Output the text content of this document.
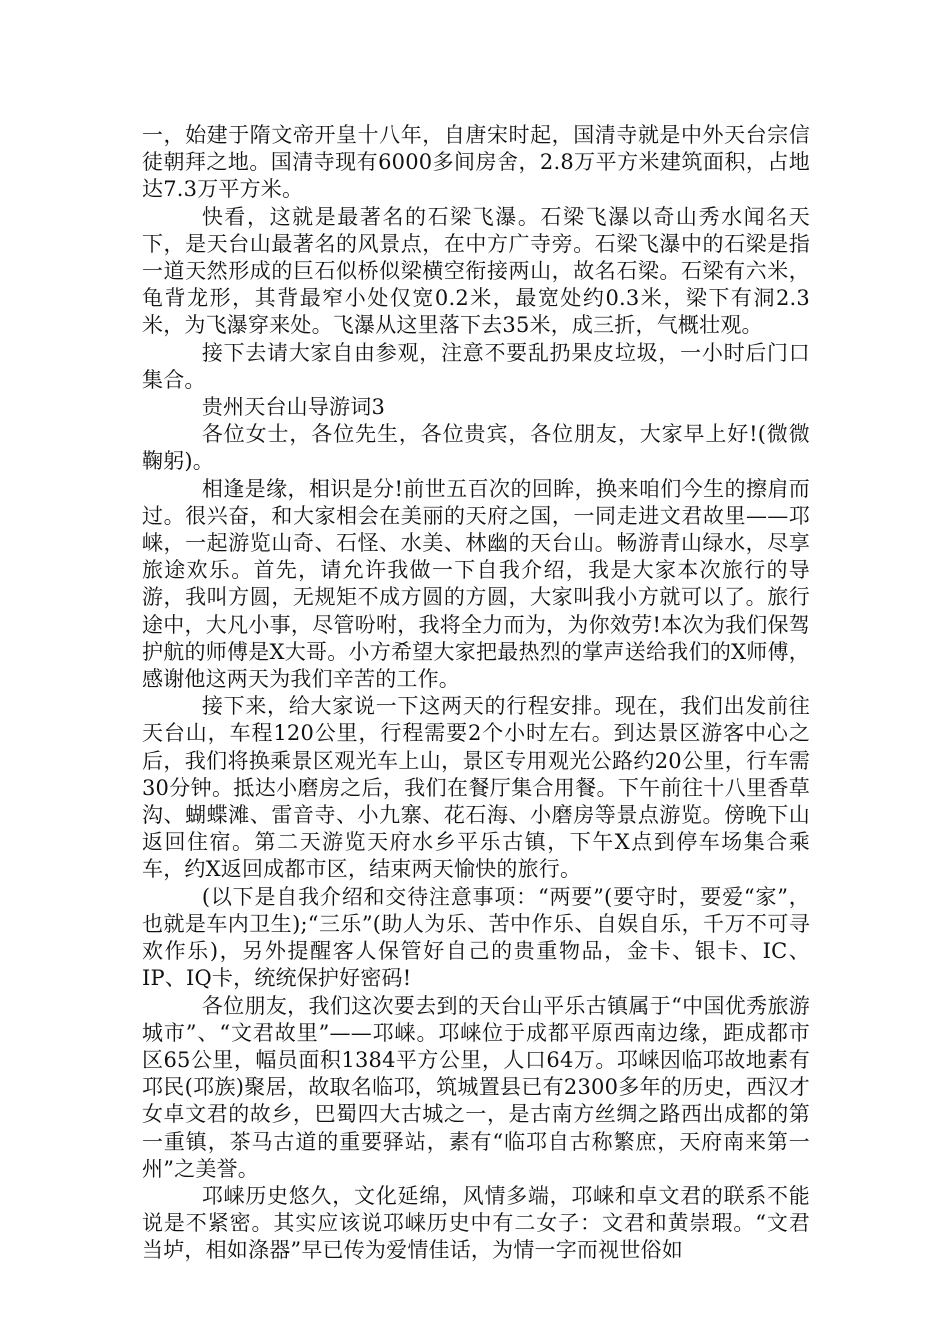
一，始建于隋文帝开皇十八年，自唐宋时起，国清寺就是中外天台宗信徒朝拜之地。国清寺现有6000多间房舍，2.8万平方米建筑面积，占地达7.3万平方米。

快看，这就是最著名的石梁飞瀑。石梁飞瀑以奇山秀水闻名天下，是天台山最著名的风景点，在中方广寺旁。石梁飞瀑中的石梁是指一道天然形成的巨石似桥似梁横空衔接两山，故名石梁。石梁有六米，龟背龙形，其背最窄小处仅宽0.2米，最宽处约0.3米，梁下有洞2.3米，为飞瀑穿来处。飞瀑从这里落下去35米，成三折，气概壮观。

接下去请大家自由参观，注意不要乱扔果皮垃圾，一小时后门口集合。

贵州天台山导游词3

各位女士，各位先生，各位贵宾，各位朋友，大家早上好!(微微鞠躬)。

相逢是缘，相识是分!前世五百次的回眸，换来咱们今生的擦肩而过。很兴奋，和大家相会在美丽的天府之国，一同走进文君故里——邛崃，一起游览山奇、石怪、水美、林幽的天台山。畅游青山绿水，尽享旅途欢乐。首先，请允许我做一下自我介绍，我是大家本次旅行的导游，我叫方圆，无规矩不成方圆的方圆，大家叫我小方就可以了。旅行途中，大凡小事，尽管吩咐，我将全力而为，为你效劳!本次为我们保驾护航的师傅是X大哥。小方希望大家把最热烈的掌声送给我们的X师傅，感谢他这两天为我们辛苦的工作。

接下来，给大家说一下这两天的行程安排。现在，我们出发前往天台山，车程120公里，行程需要2个小时左右。到达景区游客中心之后，我们将换乘景区观光车上山，景区专用观光公路约20公里，行车需30分钟。抵达小磨房之后，我们在餐厅集合用餐。下午前往十八里香草沟、蝴蝶滩、雷音寺、小九寨、花石海、小磨房等景点游览。傍晚下山返回住宿。第二天游览天府水乡平乐古镇，下午X点到停车场集合乘车，约X返回成都市区，结束两天愉快的旅行。

(以下是自我介绍和交待注意事项：“两要”(要守时，要爱“家”，也就是车内卫生);“三乐”(助人为乐、苦中作乐、自娱自乐，千万不可寻欢作乐)，另外提醒客人保管好自己的贵重物品，金卡、银卡、IC、IP、IQ卡，统统保护好密码!

各位朋友，我们这次要去到的天台山平乐古镇属于“中国优秀旅游城市”、“文君故里”——邛崃。邛崃位于成都平原西南边缘，距成都市区65公里，幅员面积1384平方公里，人口64万。邛崃因临邛故地素有邛民(邛族)聚居，故取名临邛，筑城置县已有2300多年的历史，西汉才女卓文君的故乡，巴蜀四大古城之一，是古南方丝绸之路西出成都的第一重镇，茶马古道的重要驿站，素有“临邛自古称繁庶，天府南来第一州”之美誉。

邛崃历史悠久，文化延绵，风情多端，邛崃和卓文君的联系不能说是不紧密。其实应该说邛崃历史中有二女子：文君和黄崇瑕。“文君当垆，相如涤器”早已传为爱情佳话，为情一字而视世俗如
